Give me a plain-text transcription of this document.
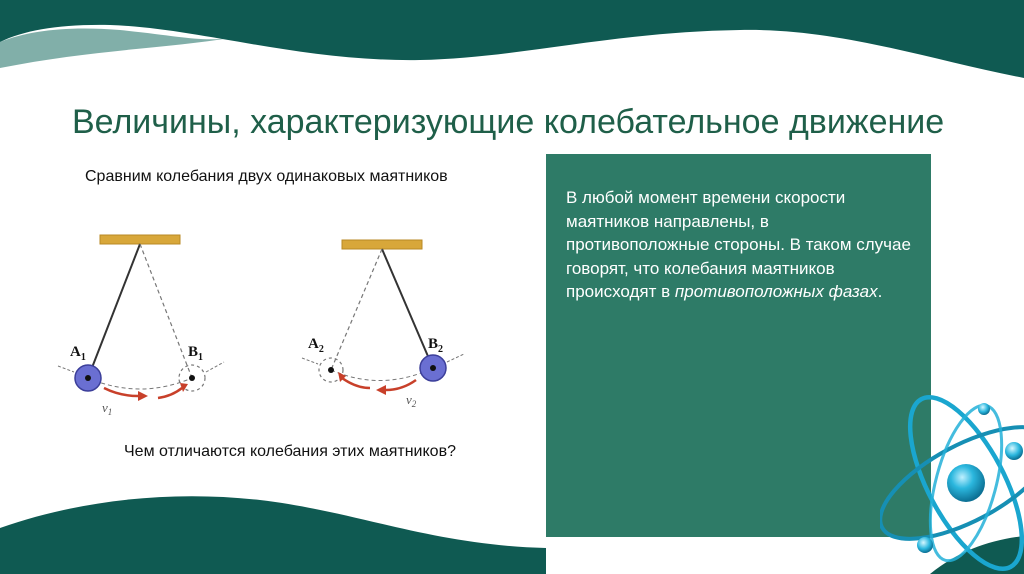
Величины, характеризующие колебательное движение
Сравним колебания двух одинаковых маятников
$A_1$	$B_1$
$v_1$
$A_2$	$B_2$
$v_2$
Чем отличаются колебания этих маятников?
В любой момент времени скорости маятников направлены, в противоположные стороны. В таком случае говорят, что колебания маятников происходят в противоположных фазах.
